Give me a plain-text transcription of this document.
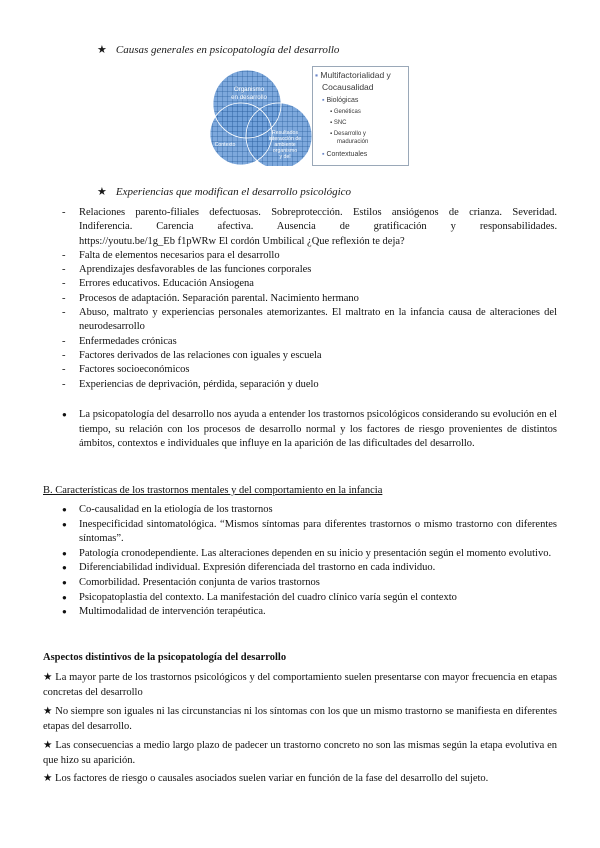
★ Causas generales en psicopatología del desarrollo
Organismo
en desarrollo
Contexto
Resultados
interacción de
ambiente
organismo
y del
▪ Multifactorialidad y
Cocausalidad
▪ Biológicas
▪ Genéticas
▪ SNC
▪ Desarrollo y
maduración
▪ Contextuales
★ Experiencias que modifican el desarrollo psicológico
- Relaciones parento-filiales defectuosas. Sobreprotección. Estilos ansiógenos de crianza. Severidad.
Indiferencia. Carencia afectiva. Ausencia de gratificación y responsabilidades.
https://youtu.be/1g_Eb f1pWRw El cordón Umbilical ¿Que reflexión te deja?
- Falta de elementos necesarios para el desarrollo
- Aprendizajes desfavorables de las funciones corporales
- Errores educativos. Educación Ansiogena
- Procesos de adaptación. Separación parental. Nacimiento hermano
- Abuso, maltrato y experiencias personales atemorizantes. El maltrato en la infancia causa de alteraciones del neurodesarrollo
- Enfermedades crónicas
- Factores derivados de las relaciones con iguales y escuela
- Factores socioeconómicos
- Experiencias de deprivación, pérdida, separación y duelo
● La psicopatología del desarrollo nos ayuda a entender los trastornos psicológicos considerando su evolución en el tiempo, su relación con los procesos de desarrollo normal y los factores de riesgo provenientes de distintos ámbitos, contextos e individuales que influye en la aparición de las dificultades del desarrollo.
B. Características de los trastornos mentales y del comportamiento en la infancia
● Co-causalidad en la etiología de los trastornos
● Inespecificidad sintomatológica. “Mismos síntomas para diferentes trastornos o mismo trastorno con diferentes síntomas”.
● Patología cronodependiente. Las alteraciones dependen en su inicio y presentación según el momento evolutivo.
● Diferenciabilidad individual. Expresión diferenciada del trastorno en cada individuo.
● Comorbilidad. Presentación conjunta de varios trastornos
● Psicopatoplastia del contexto. La manifestación del cuadro clínico varía según el contexto
● Multimodalidad de intervención terapéutica.
Aspectos distintivos de la psicopatología del desarrollo
★ La mayor parte de los trastornos psicológicos y del comportamiento suelen presentarse con mayor frecuencia en etapas concretas del desarrollo
★ No siempre son iguales ni las circunstancias ni los síntomas con los que un mismo trastorno se manifiesta en diferentes etapas del desarrollo.
★ Las consecuencias a medio largo plazo de padecer un trastorno concreto no son las mismas según la etapa evolutiva en que hizo su aparición.
★ Los factores de riesgo o causales asociados suelen variar en función de la fase del desarrollo del sujeto.
